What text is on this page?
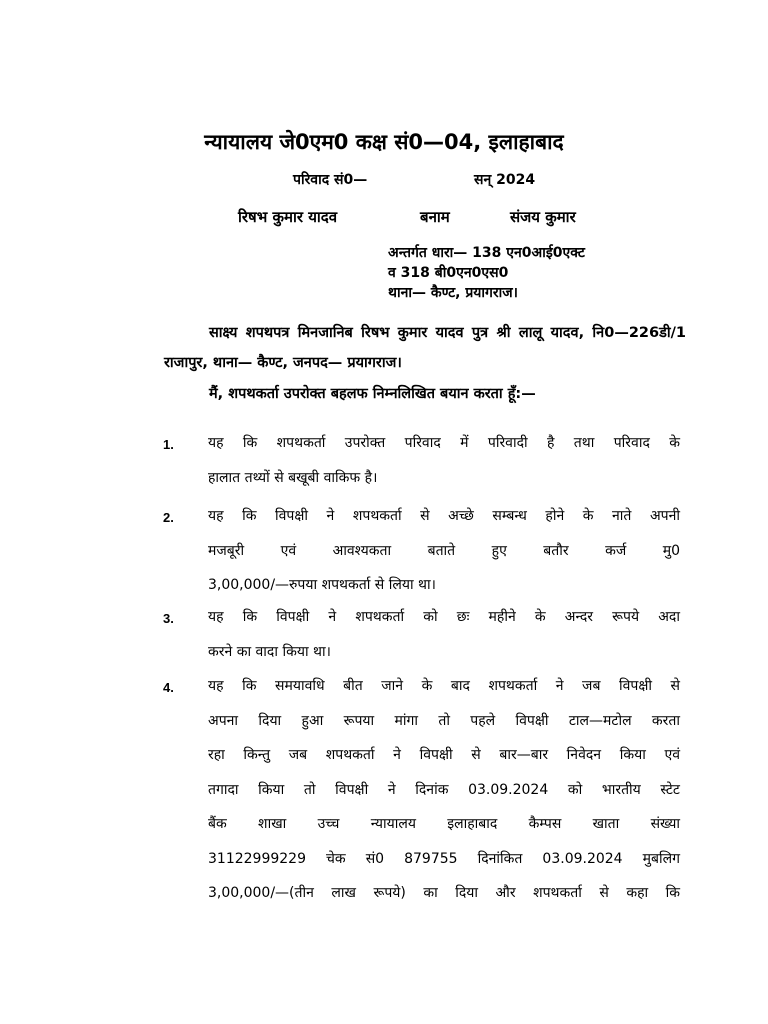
न्यायालय जे0एम0 कक्ष सं0—04, इलाहाबाद
परिवाद सं0—	सन् 2024
रिषभ कुमार यादव	बनाम	संजय कुमार
अन्तर्गत धारा— 138 एन0आई0एक्ट
व 318 बी0एन0एस0
थाना— कैण्ट, प्रयागराज।
साक्ष्य शपथपत्र मिनजानिब रिषभ कुमार यादव पुत्र श्री लालू यादव, नि0—226डी/1 राजापुर, थाना— कैण्ट, जनपद— प्रयागराज।
मैं, शपथकर्ता उपरोक्त बहलफ निम्नलिखित बयान करता हूँ:—
1. यह कि शपथकर्ता उपरोक्त परिवाद में परिवादी है तथा परिवाद के
हालात तथ्यों से बखूबी वाकिफ है।
2. यह कि विपक्षी ने शपथकर्ता से अच्छे सम्बन्ध होने के नाते अपनी
मजबूरी एवं आवश्यकता बताते हुए बतौर कर्ज मु0
3,00,000/—रुपया शपथकर्ता से लिया था।
3. यह कि विपक्षी ने शपथकर्ता को छः महीने के अन्दर रूपये अदा
करने का वादा किया था।
4. यह कि समयावधि बीत जाने के बाद शपथकर्ता ने जब विपक्षी से
अपना दिया हुआ रूपया मांगा तो पहले विपक्षी टाल—मटोल करता
रहा किन्तु जब शपथकर्ता ने विपक्षी से बार—बार निवेदन किया एवं
तगादा किया तो विपक्षी ने दिनांक 03.09.2024 को भारतीय स्टेट
बैंक शाखा उच्च न्यायालय इलाहाबाद कैम्पस खाता संख्या
31122999229 चेक सं0 879755 दिनांकित 03.09.2024 मुबलिग
3,00,000/—(तीन लाख रूपये) का दिया और शपथकर्ता से कहा कि
